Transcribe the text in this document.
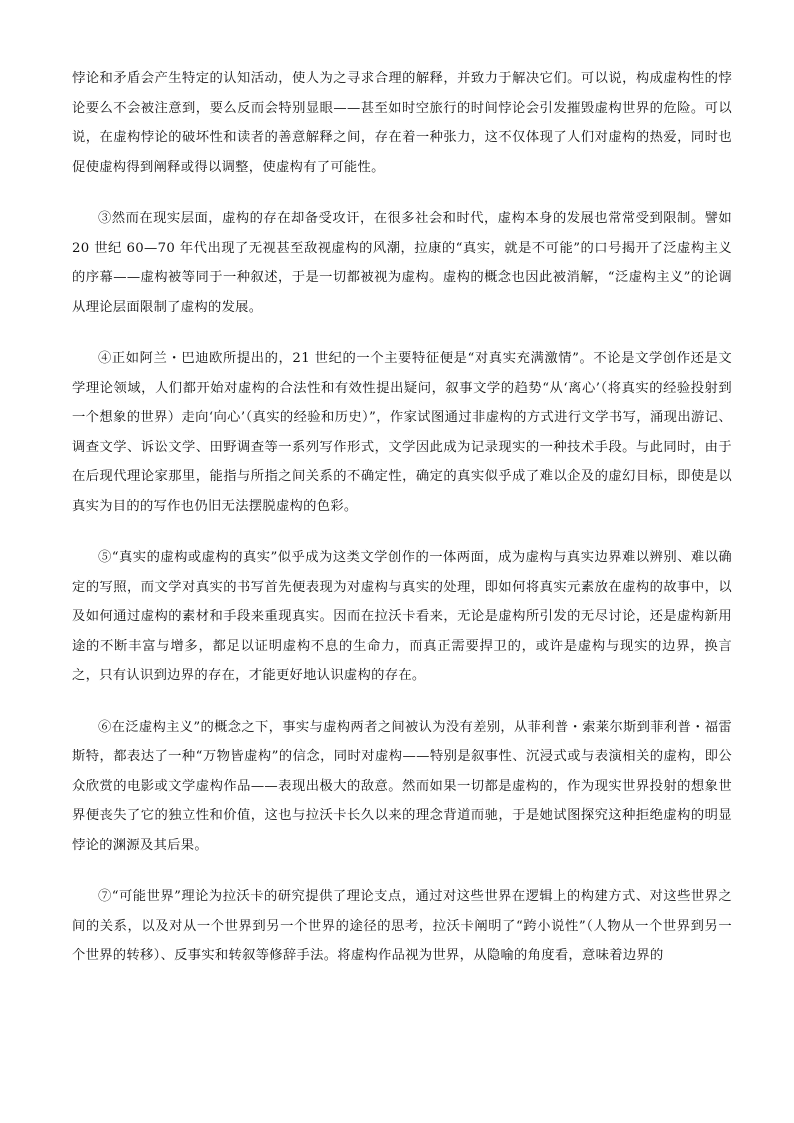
悖论和矛盾会产生特定的认知活动，使人为之寻求合理的解释，并致力于解决它们。可以说，构成虚构性的悖论要么不会被注意到，要么反而会特别显眼——甚至如时空旅行的时间悖论会引发摧毁虚构世界的危险。可以说，在虚构悖论的破坏性和读者的善意解释之间，存在着一种张力，这不仅体现了人们对虚构的热爱，同时也促使虚构得到阐释或得以调整，使虚构有了可能性。

③然而在现实层面，虚构的存在却备受攻讦，在很多社会和时代，虚构本身的发展也常常受到限制。譬如 20 世纪 60—70 年代出现了无视甚至敌视虚构的风潮，拉康的“真实，就是不可能”的口号揭开了泛虚构主义的序幕——虚构被等同于一种叙述，于是一切都被视为虚构。虚构的概念也因此被消解，“泛虚构主义”的论调从理论层面限制了虚构的发展。

④正如阿兰・巴迪欧所提出的，21 世纪的一个主要特征便是“对真实充满激情”。不论是文学创作还是文学理论领域，人们都开始对虚构的合法性和有效性提出疑问，叙事文学的趋势“从‘离心’（将真实的经验投射到一个想象的世界）走向‘向心’（真实的经验和历史）”，作家试图通过非虚构的方式进行文学书写，涌现出游记、调查文学、诉讼文学、田野调查等一系列写作形式，文学因此成为记录现实的一种技术手段。与此同时，由于在后现代理论家那里，能指与所指之间关系的不确定性，确定的真实似乎成了难以企及的虚幻目标，即使是以真实为目的的写作也仍旧无法摆脱虚构的色彩。

⑤“真实的虚构或虚构的真实”似乎成为这类文学创作的一体两面，成为虚构与真实边界难以辨别、难以确定的写照，而文学对真实的书写首先便表现为对虚构与真实的处理，即如何将真实元素放在虚构的故事中，以及如何通过虚构的素材和手段来重现真实。因而在拉沃卡看来，无论是虚构所引发的无尽讨论，还是虚构新用途的不断丰富与增多，都足以证明虚构不息的生命力，而真正需要捍卫的，或许是虚构与现实的边界，换言之，只有认识到边界的存在，才能更好地认识虚构的存在。

⑥在泛虚构主义”的概念之下，事实与虚构两者之间被认为没有差别，从菲利普・索莱尔斯到菲利普・福雷斯特，都表达了一种“万物皆虚构”的信念，同时对虚构——特别是叙事性、沉浸式或与表演相关的虚构，即公众欣赏的电影或文学虚构作品——表现出极大的敌意。然而如果一切都是虚构的，作为现实世界投射的想象世界便丧失了它的独立性和价值，这也与拉沃卡长久以来的理念背道而驰，于是她试图探究这种拒绝虚构的明显悖论的渊源及其后果。

⑦“可能世界”理论为拉沃卡的研究提供了理论支点，通过对这些世界在逻辑上的构建方式、对这些世界之间的关系，以及对从一个世界到另一个世界的途径的思考，拉沃卡阐明了“跨小说性”（人物从一个世界到另一个世界的转移）、反事实和转叙等修辞手法。将虚构作品视为世界，从隐喻的角度看，意味着边界的
